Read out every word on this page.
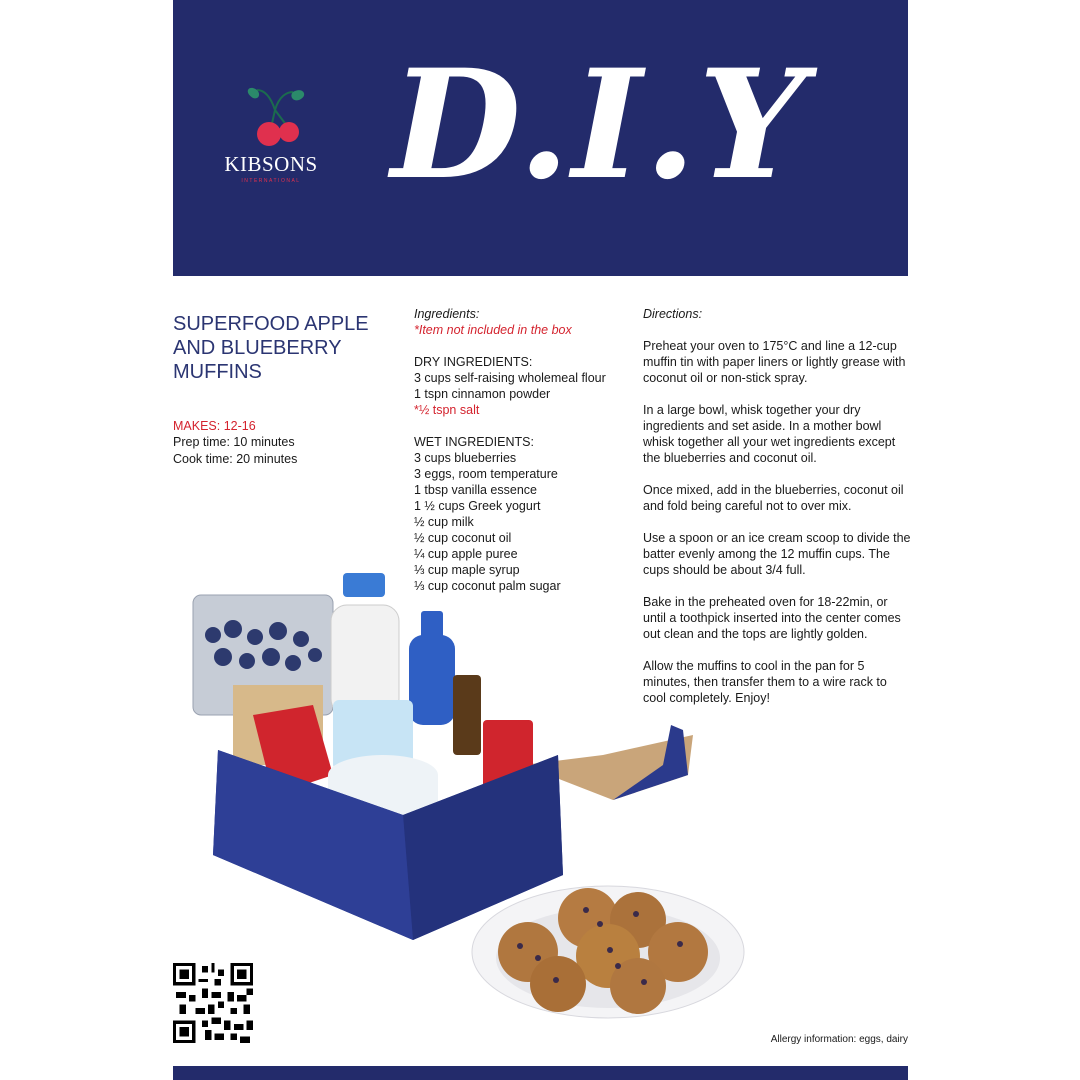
KIBSONS
INTERNATIONAL D.I.Y
SUPERFOOD APPLE
AND BLUEBERRY
MUFFINS
MAKES: 12-16
Prep time: 10 minutes
Cook time: 20 minutes
Ingredients:
*Item not included in the box
DRY INGREDIENTS:
3 cups self-raising wholemeal flour
1 tspn cinnamon powder
*½ tspn salt
WET INGREDIENTS:
3 cups blueberries
3 eggs, room temperature
1 tbsp vanilla essence
1 ½ cups Greek yogurt
½ cup milk
½ cup coconut oil
¼ cup apple puree
⅓ cup maple syrup
⅓ cup coconut palm sugar
Directions:
Preheat your oven to 175°C and line a 12-cup muffin tin with paper liners or lightly grease with coconut oil or non-stick spray.
In a large bowl, whisk together your dry ingredients and set aside. In a mother bowl whisk together all your wet ingredients except the blueberries and coconut oil.
Once mixed, add in the blueberries, coconut oil and fold being careful not to over mix.
Use a spoon or an ice cream scoop to divide the batter evenly among the 12 muffin cups. The cups should be about 3/4 full.
Bake in the preheated oven for 18-22min, or until a toothpick inserted into the center comes out clean and the tops are lightly golden.
Allow the muffins to cool in the pan for 5 minutes, then transfer them to a wire rack to cool completely. Enjoy!
Allergy information: eggs, dairy
